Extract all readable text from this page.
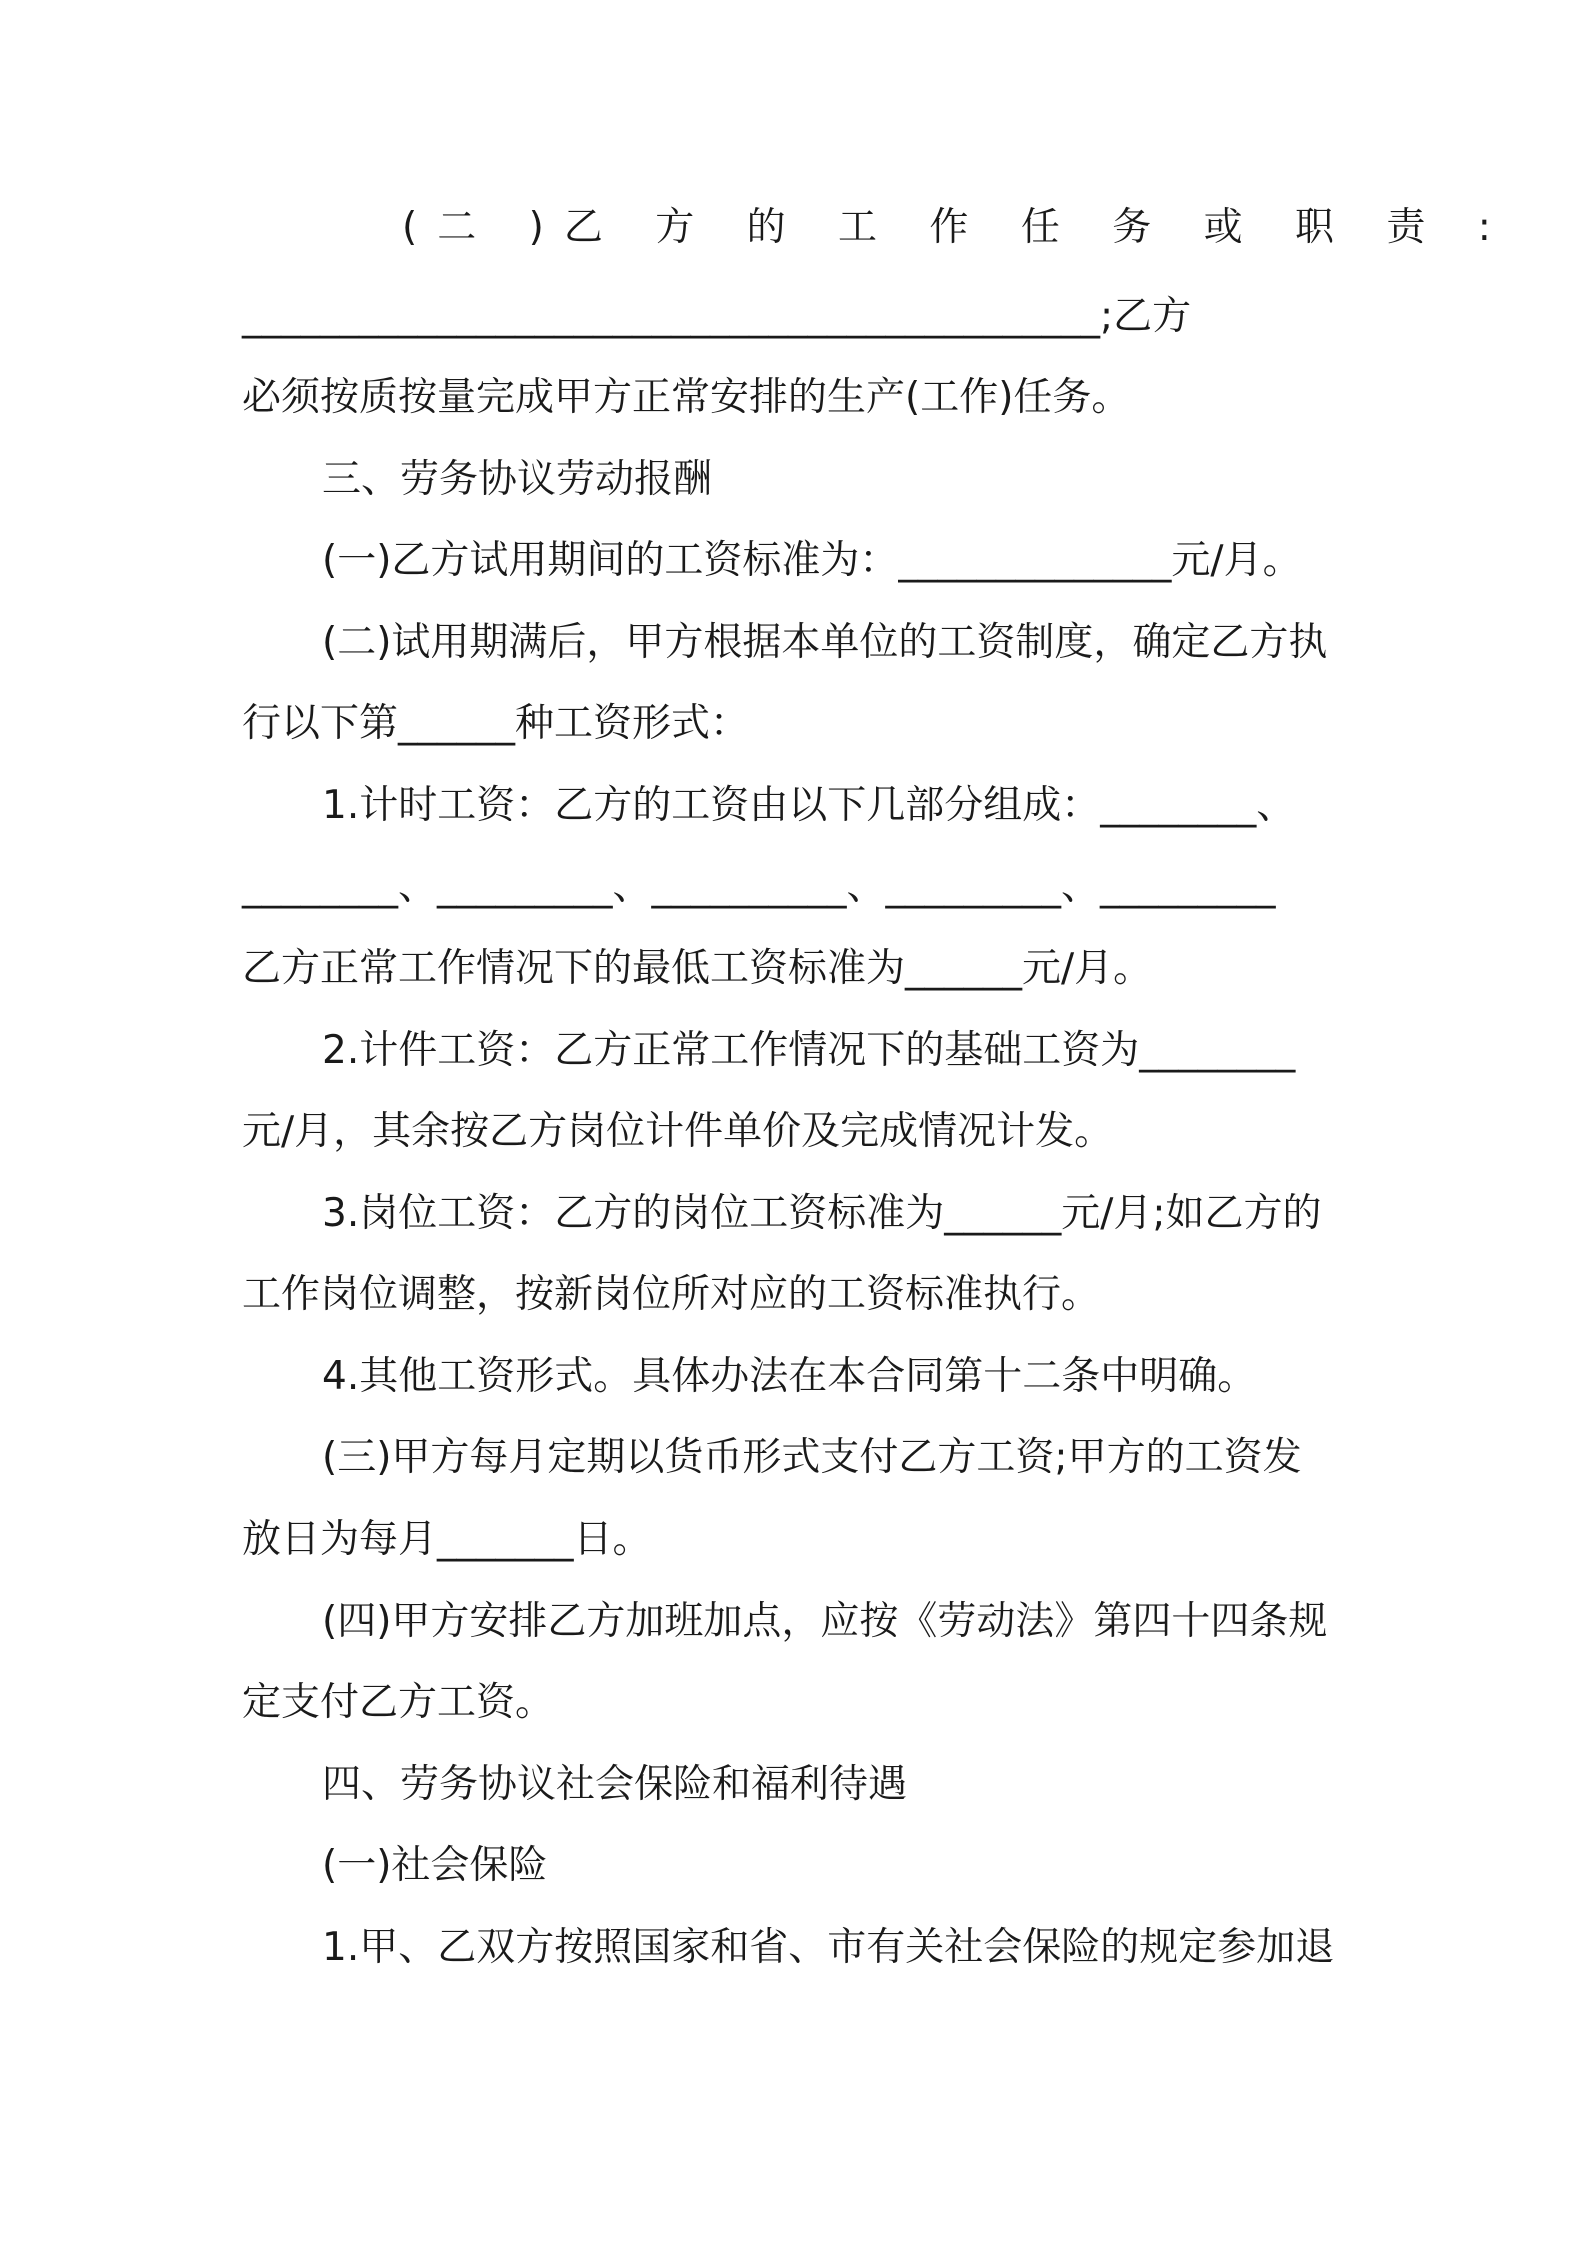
(二 )乙 方 的 工 作 任 务 或 职 责 :
____________________________________________;乙方
必须按质按量完成甲方正常安排的生产(工作)任务。
三、劳务协议劳动报酬
(一)乙方试用期间的工资标准为：______________元/月。
(二)试用期满后，甲方根据本单位的工资制度，确定乙方执
行以下第______种工资形式：
1.计时工资：乙方的工资由以下几部分组成：________、
________、_________、__________、_________、_________
乙方正常工作情况下的最低工资标准为______元/月。
2.计件工资：乙方正常工作情况下的基础工资为________
元/月，其余按乙方岗位计件单价及完成情况计发。
3.岗位工资：乙方的岗位工资标准为______元/月;如乙方的
工作岗位调整，按新岗位所对应的工资标准执行。
4.其他工资形式。具体办法在本合同第十二条中明确。
(三)甲方每月定期以货币形式支付乙方工资;甲方的工资发
放日为每月_______日。
(四)甲方安排乙方加班加点，应按《劳动法》第四十四条规
定支付乙方工资。
四、劳务协议社会保险和福利待遇
(一)社会保险
1.甲、乙双方按照国家和省、市有关社会保险的规定参加退
